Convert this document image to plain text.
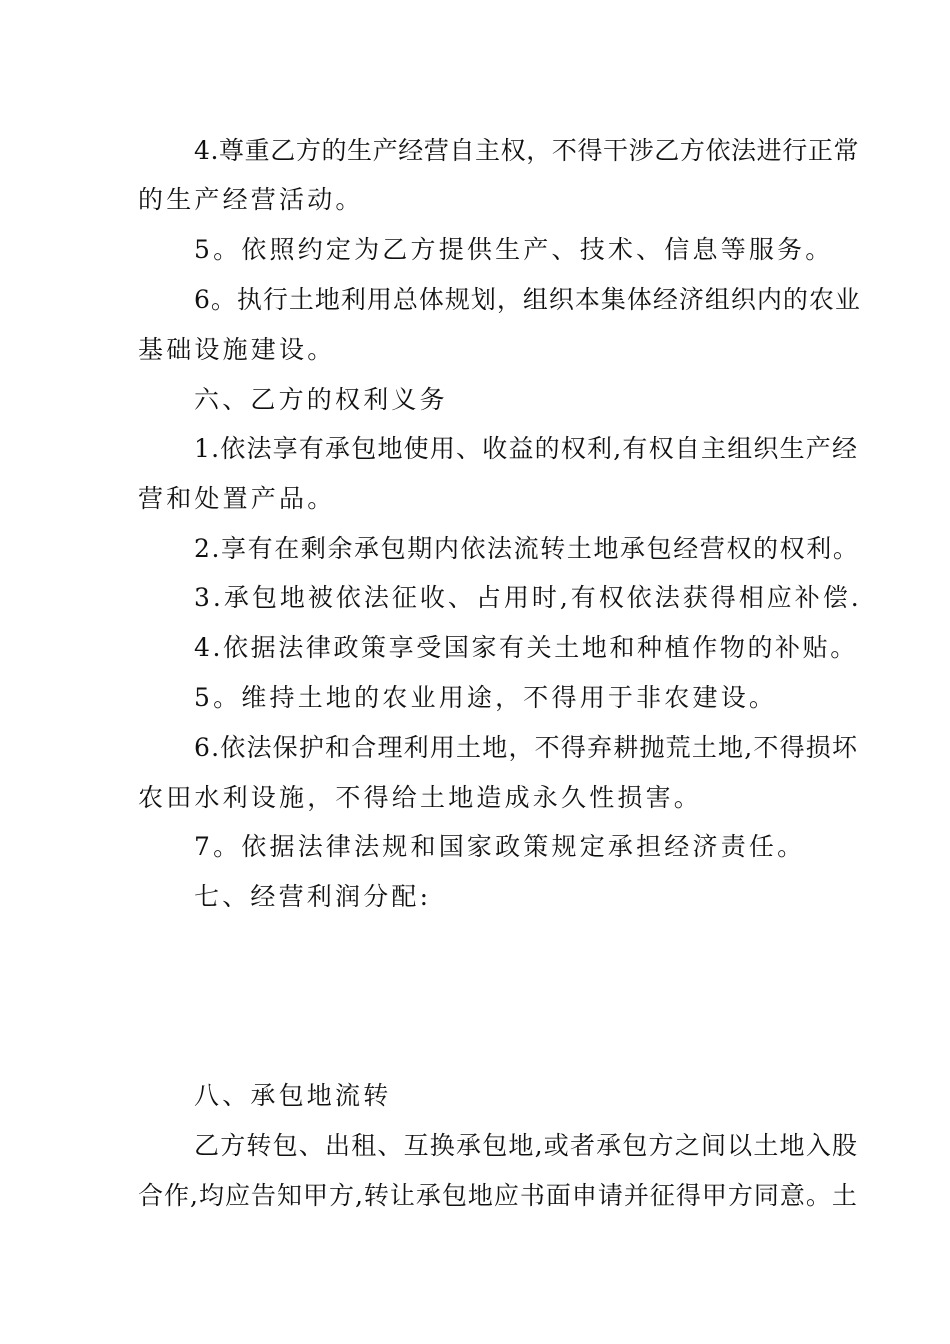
4.尊重乙方的生产经营自主权，不得干涉乙方依法进行正常
的生产经营活动。
5。依照约定为乙方提供生产、技术、信息等服务。
6。执行土地利用总体规划，组织本集体经济组织内的农业
基础设施建设。
六、乙方的权利义务
1.依法享有承包地使用、收益的权利,有权自主组织生产经
营和处置产品。
2.享有在剩余承包期内依法流转土地承包经营权的权利。
3.承包地被依法征收、占用时,有权依法获得相应补偿.
4.依据法律政策享受国家有关土地和种植作物的补贴。
5。维持土地的农业用途，不得用于非农建设。
6.依法保护和合理利用土地，不得弃耕抛荒土地,不得损坏
农田水利设施，不得给土地造成永久性损害。
7。依据法律法规和国家政策规定承担经济责任。
七、经营利润分配:
八、承包地流转
乙方转包、出租、互换承包地,或者承包方之间以土地入股
合作,均应告知甲方,转让承包地应书面申请并征得甲方同意。土
